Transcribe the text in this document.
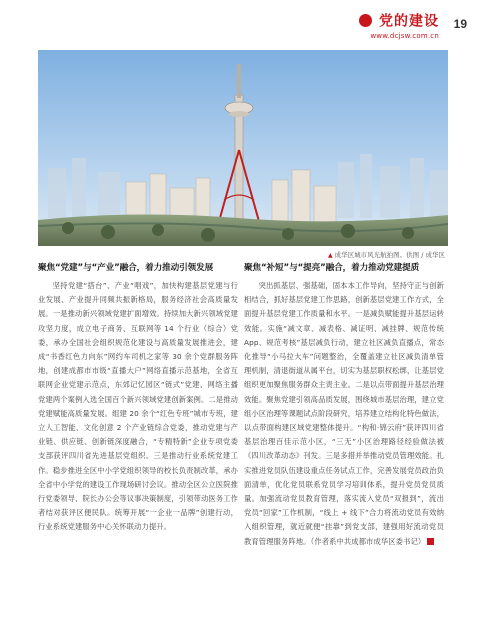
党的建设
www.dcjsw.com.cn
19
▲ 成华区城市风光航拍图。供图 / 成华区
聚焦“党建”与“产业”融合，着力推动引领发展

坚持党建“搭台”、产业“唱戏”，加快构建基层党建与行业发展、产业提升同频共振新格局，服务经济社会高质量发展。一是推动新兴领域党建扩面增效。持续加大新兴领域党建攻坚力度，成立电子商务、互联网等 14 个行业（综合）党委，承办全国社会组织规范化建设与高质量发展推进会，建成“书香红色力向东”网约车司机之家等 30 余个党群服务阵地，创建成都市市级“直播大户”网络直播示范基地，全省互联网企业党建示范点，东郊记忆园区“链式”党建、网络主播党建两个案例入选全国百个新兴领域党建创新案例。二是推动党建赋能高质量发展。组建 20 余个“红色专班”城市专班，建立人工智能、文化创意 2 个产业链综合党委，推动党建与产业链、供应链、创新链深度融合，“专精特新”企业专项党委支部获评四川省先进基层党组织。三是推动行业系统党建工作。稳步推进全区中小学党组织领导的校长负责制改革，承办全省中小学党的建设工作现场研讨会议。推动全区公立医院推行党委领导、院长办公会等议事决策制度，引领带动医务工作者结对获评区便民队。统筹开展“一企业一品牌”创建行动，行业系统党建服务中心关怀联动力提升。

聚焦“补短”与“提亮”融合，着力推动党建提质

突出抓基层、强基础，固本本工作导向，坚持守正与创新相结合，抓好基层党建工作思路，创新基层党建工作方式，全面提升基层党建工作质量和水平。一是减负赋能提升基层运转效能。实施“减文章、减表格、减证明、减挂牌、规范传统 App、规范考核”基层减负行动，建立社区减负直播点，常态化推导“小马拉大车”问题整治，全覆盖建立社区减负清单管理机制，清退街道从属平台，切实为基层职权松绑，让基层党组织更加聚焦服务群众主责主业。二是以点带面提升基层治理效能。聚焦党建引领高品质发展，围绕城市基层治理，建立党组小区治理等课题试点阶段研究，培养建立结构化特色做法，以点带面构建区域党建整体提升。“构和·锦云府”获评四川省基层治理百佳示范小区，“三无”小区治理路径经验做法被《四川改革动态》刊发。三是多措并举推动党员管理效能。扎实推进党员队伍建设重点任务试点工作，完善发展党员政治负面清单，优化党员联系党员学习培训体系，提升党员党员质量。加强流动党员教育管理，落实流入党员“双报到”，流出党员“回家”工作机制，“线上 + 线下”合力将流动党员有效纳入组织管理，就近就便“挂靠”到党支部，建强用好流动党员教育管理服务阵地。（作者系中共成都市成华区委书记）
